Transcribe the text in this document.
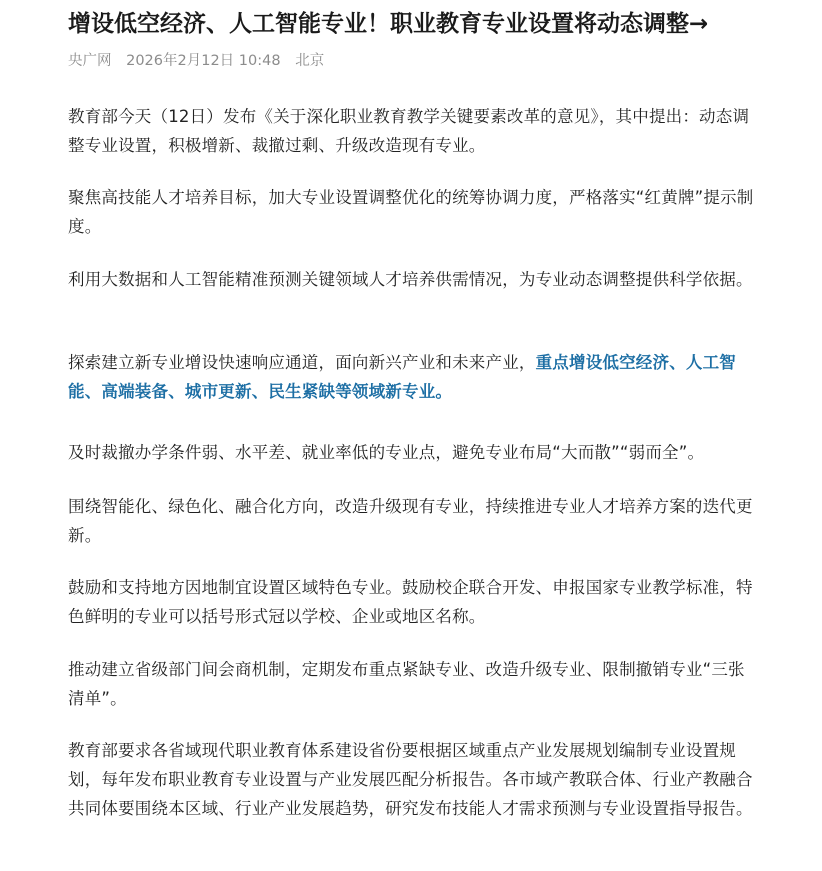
增设低空经济、人工智能专业！职业教育专业设置将动态调整→
央广网 2026年2月12日 10:48 北京

教育部今天（12日）发布《关于深化职业教育教学关键要素改革的意见》，其中提出：动态调整专业设置，积极增新、裁撤过剩、升级改造现有专业。

聚焦高技能人才培养目标，加大专业设置调整优化的统筹协调力度，严格落实“红黄牌”提示制度。

利用大数据和人工智能精准预测关键领域人才培养供需情况，为专业动态调整提供科学依据。

探索建立新专业增设快速响应通道，面向新兴产业和未来产业，重点增设低空经济、人工智能、高端装备、城市更新、民生紧缺等领域新专业。

及时裁撤办学条件弱、水平差、就业率低的专业点，避免专业布局“大而散”“弱而全”。

围绕智能化、绿色化、融合化方向，改造升级现有专业，持续推进专业人才培养方案的迭代更新。

鼓励和支持地方因地制宜设置区域特色专业。鼓励校企联合开发、申报国家专业教学标准，特色鲜明的专业可以括号形式冠以学校、企业或地区名称。

推动建立省级部门间会商机制，定期发布重点紧缺专业、改造升级专业、限制撤销专业“三张清单”。

教育部要求各省域现代职业教育体系建设省份要根据区域重点产业发展规划编制专业设置规划，每年发布职业教育专业设置与产业发展匹配分析报告。各市域产教联合体、行业产教融合共同体要围绕本区域、行业产业发展趋势，研究发布技能人才需求预测与专业设置指导报告。
